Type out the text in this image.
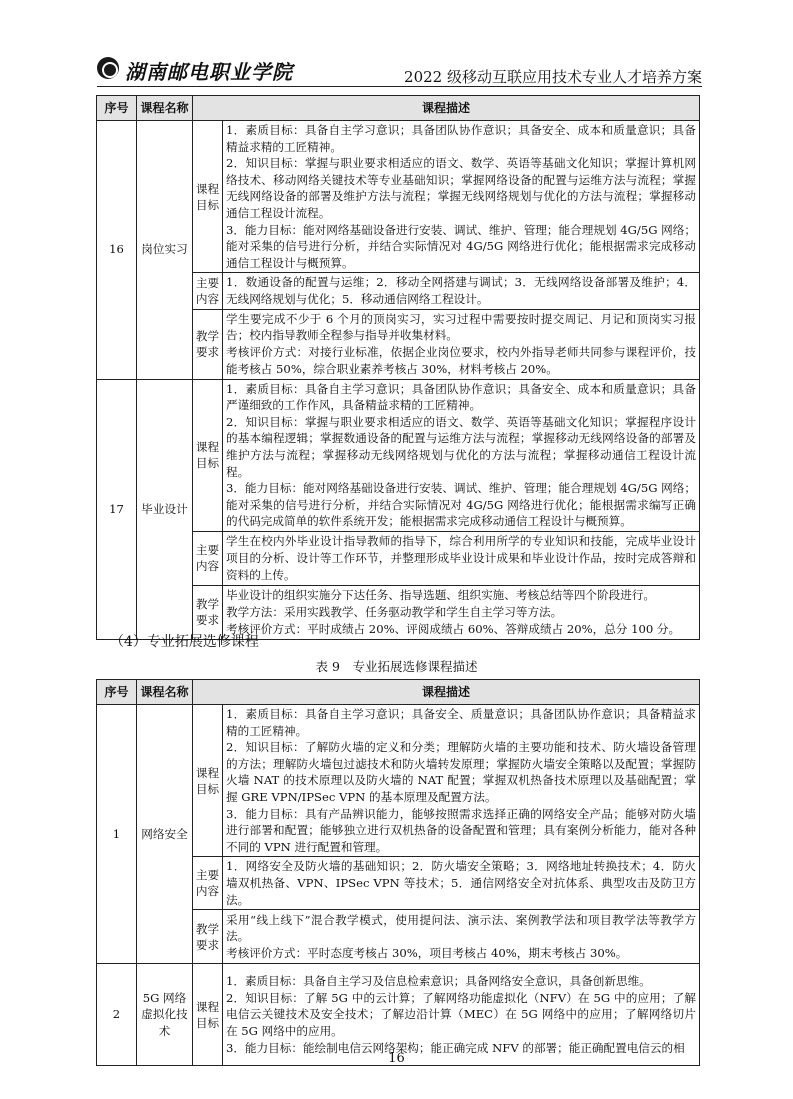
湖南邮电职业学院	2022 级移动互联应用技术专业人才培养方案
序号	课程名称	课程描述	
16	岗位实习	课程目标	1．素质目标：具备自主学习意识；具备团队协作意识；具备安全、成本和质量意识；具备精益求精的工匠精神。

2．知识目标：掌握与职业要求相适应的语文、数学、英语等基础文化知识；掌握计算机网络技术、移动网络关键技术等专业基础知识；掌握网络设备的配置与运维方法与流程；掌握无线网络设备的部署及维护方法与流程；掌握无线网络规划与优化的方法与流程；掌握移动通信工程设计流程。

3．能力目标：能对网络基础设备进行安装、调试、维护、管理；能合理规划 4G/5G 网络；能对采集的信号进行分析，并结合实际情况对 4G/5G 网络进行优化；能根据需求完成移动通信工程设计与概预算。

		主要内容	1．数通设备的配置与运维；2．移动全网搭建与调试；3．无线网络设备部署及维护；4．无线网络规划与优化；5．移动通信网络工程设计。
		教学要求	学生要完成不少于 6 个月的顶岗实习，实习过程中需要按时提交周记、月记和顶岗实习报告；校内指导教师全程参与指导并收集材料。

考核评价方式：对接行业标准，依据企业岗位要求，校内外指导老师共同参与课程评价，技能考核占 50%，综合职业素养考核占 30%，材料考核占 20%。

17	毕业设计	课程目标	1．素质目标：具备自主学习意识；具备团队协作意识；具备安全、成本和质量意识；具备严谨细致的工作作风，具备精益求精的工匠精神。

2．知识目标：掌握与职业要求相适应的语文、数学、英语等基础文化知识；掌握程序设计的基本编程逻辑；掌握数通设备的配置与运维方法与流程；掌握移动无线网络设备的部署及维护方法与流程；掌握移动无线网络规划与优化的方法与流程；掌握移动通信工程设计流程。

3．能力目标：能对网络基础设备进行安装、调试、维护、管理；能合理规划 4G/5G 网络；能对采集的信号进行分析，并结合实际情况对 4G/5G 网络进行优化；能根据需求编写正确的代码完成简单的软件系统开发；能根据需求完成移动通信工程设计与概预算。

		主要内容	学生在校内外毕业设计指导教师的指导下，综合利用所学的专业知识和技能，完成毕业设计项目的分析、设计等工作环节，并整理形成毕业设计成果和毕业设计作品，按时完成答辩和资料的上传。
		教学要求	毕业设计的组织实施分下达任务、指导选题、组织实施、考核总结等四个阶段进行。

教学方法：采用实践教学、任务驱动教学和学生自主学习等方法。

考核评价方式：平时成绩占 20%、评阅成绩占 60%、答辩成绩占 20%，总分 100 分。

（4）专业拓展选修课程
表 9　专业拓展选修课程描述
序号	课程名称	课程描述	
1	网络安全	课程目标	1．素质目标：具备自主学习意识；具备安全、质量意识；具备团队协作意识；具备精益求精的工匠精神。

2．知识目标：了解防火墙的定义和分类；理解防火墙的主要功能和技术、防火墙设备管理的方法；理解防火墙包过滤技术和防火墙转发原理；掌握防火墙安全策略以及配置；掌握防火墙 NAT 的技术原理以及防火墙的 NAT 配置；掌握双机热备技术原理以及基础配置；掌握 GRE VPN/IPSec VPN 的基本原理及配置方法。

3．能力目标：具有产品辨识能力，能够按照需求选择正确的网络安全产品；能够对防火墙进行部署和配置；能够独立进行双机热备的设备配置和管理；具有案例分析能力，能对各种不同的 VPN 进行配置和管理。

		主要内容	1．网络安全及防火墙的基础知识；2．防火墙安全策略；3．网络地址转换技术；4．防火墙双机热备、VPN、IPSec VPN 等技术；5．通信网络安全对抗体系、典型攻击及防卫方法。
		教学要求	采用“线上线下”混合教学模式，使用提问法、演示法、案例教学法和项目教学法等教学方法。

考核评价方式：平时态度考核占 30%，项目考核占 40%，期末考核占 30%。

2	5G 网络虚拟化技术	课程目标	1．素质目标：具备自主学习及信息检索意识；具备网络安全意识，具备创新思维。

2．知识目标：了解 5G 中的云计算；了解网络功能虚拟化（NFV）在 5G 中的应用；了解电信云关键技术及安全技术；了解边沿计算（MEC）在 5G 网络中的应用；了解网络切片在 5G 网络中的应用。

3．能力目标：能绘制电信云网络架构；能正确完成 NFV 的部署；能正确配置电信云的相

16
